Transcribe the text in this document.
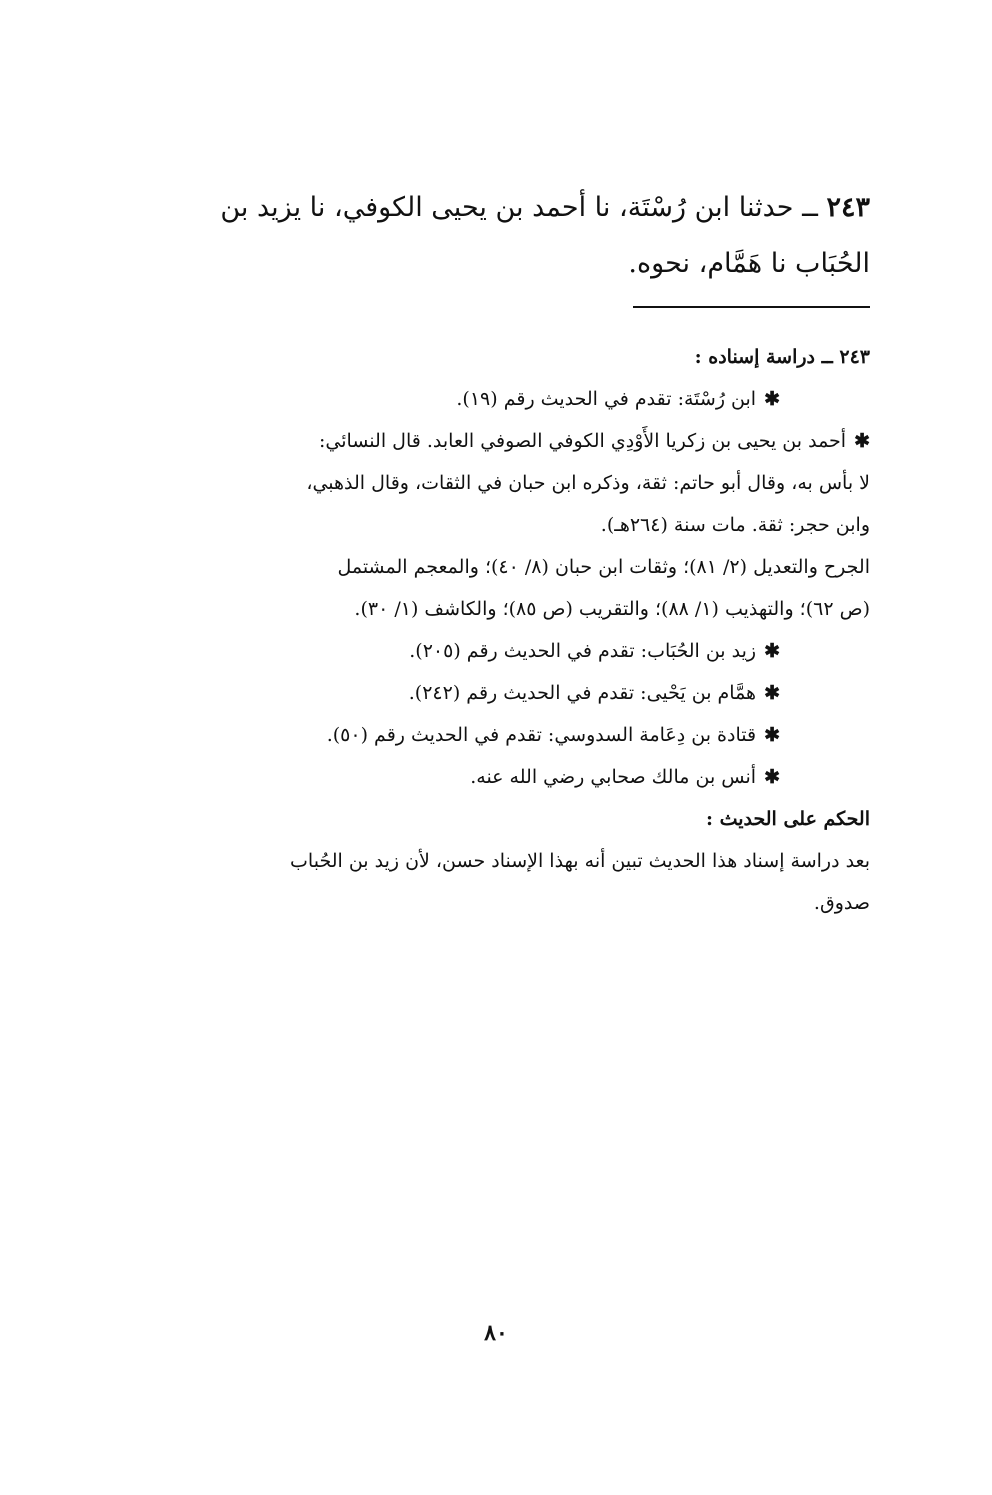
٢٤٣ ــ حدثنا ابن رُسْتَة، نا أحمد بن يحيى الكوفي، نا يزيد بن
الحُبَاب نا هَمَّام، نحوه.

٢٤٣ ــ دراسة إسناده :

✱ابن رُسْتَة: تقدم في الحديث رقم (١٩).

✱أحمد بن يحيى بن زكريا الأَوْدِي الكوفي الصوفي العابد. قال النسائي:

لا بأس به، وقال أبو حاتم: ثقة، وذكره ابن حبان في الثقات، وقال الذهبي،

وابن حجر: ثقة. مات سنة (٢٦٤هـ).

الجرح والتعديل (٢/ ٨١)؛ وثقات ابن حبان (٨/ ٤٠)؛ والمعجم المشتمل

(ص ٦٢)؛ والتهذيب (١/ ٨٨)؛ والتقريب (ص ٨٥)؛ والكاشف (١/ ٣٠).

✱زيد بن الحُبَاب: تقدم في الحديث رقم (٢٠٥).

✱همَّام بن يَحْيى: تقدم في الحديث رقم (٢٤٢).

✱قتادة بن دِعَامة السدوسي: تقدم في الحديث رقم (٥٠).

✱أنس بن مالك صحابي رضي الله عنه.

الحكم على الحديث :

بعد دراسة إسناد هذا الحديث تبين أنه بهذا الإسناد حسن، لأن زيد بن الحُباب

صدوق.

٨٠
